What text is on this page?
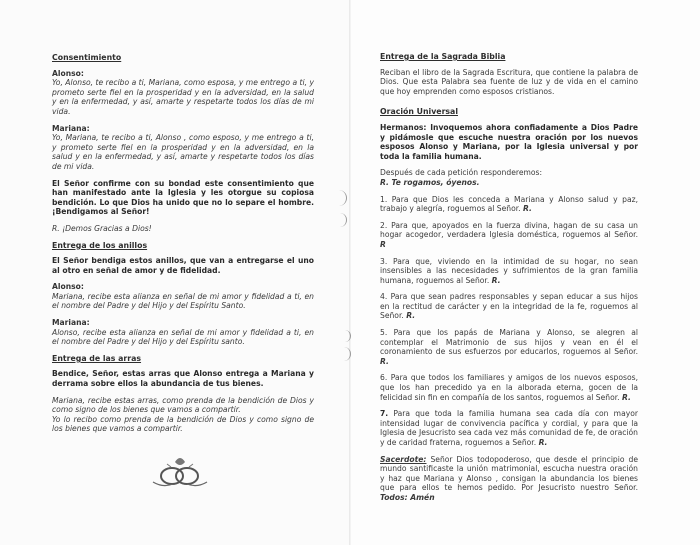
Consentimiento

Alonso:
Yo, Alonso, te recibo a ti, Mariana, como esposa, y me entrego a ti, y prometo serte fiel en la prosperidad y en la adversidad, en la salud y en la enfermedad, y así, amarte y respetarte todos los días de mi vida.

Mariana:
Yo, Mariana, te recibo a ti, Alonso , como esposo, y me entrego a ti, y prometo serte fiel en la prosperidad y en la adversidad, en la salud y en la enfermedad, y así, amarte y respetarte todos los días de mi vida.

El Señor confirme con su bondad este consentimiento que han manifestado ante la Iglesia y les otorgue su copiosa bendición. Lo que Dios ha unido que no lo separe el hombre. ¡Bendigamos al Señor!

R. ¡Demos Gracias a Dios!

Entrega de los anillos

El Señor bendiga estos anillos, que van a entregarse el uno al otro en señal de amor y de fidelidad.

Alonso:
Mariana, recibe esta alianza en señal de mi amor y fidelidad a ti, en el nombre del Padre y del Hijo y del Espíritu Santo.

Mariana:
Alonso, recibe esta alianza en señal de mi amor y fidelidad a ti, en el nombre del Padre y del Hijo y del Espíritu santo.

Entrega de las arras

Bendice, Señor, estas arras que Alonso entrega a Mariana y derrama sobre ellos la abundancia de tus bienes.

Mariana, recibe estas arras, como prenda de la bendición de Dios y como signo de los bienes que vamos a compartir.
Yo lo recibo como prenda de la bendición de Dios y como signo de los bienes que vamos a compartir.

Entrega de la Sagrada Biblia

Reciban el libro de la Sagrada Escritura, que contiene la palabra de Dios. Que esta Palabra sea fuente de luz y de vida en el camino que hoy emprenden como esposos cristianos.

Oración Universal

Hermanos: Invoquemos ahora confiadamente a Dios Padre y pidámosle que escuche nuestra oración por los nuevos esposos Alonso y Mariana, por la Iglesia universal y por toda la familia humana.

Después de cada petición responderemos:
R. Te rogamos, óyenos.

1. Para que Dios les conceda a Mariana y Alonso salud y paz, trabajo y alegría, roguemos al Señor. R.

2. Para que, apoyados en la fuerza divina, hagan de su casa un hogar acogedor, verdadera Iglesia doméstica, roguemos al Señor. R

3. Para que, viviendo en la intimidad de su hogar, no sean insensibles a las necesidades y sufrimientos de la gran familia humana, roguemos al Señor. R.

4. Para que sean padres responsables y sepan educar a sus hijos en la rectitud de carácter y en la integridad de la fe, roguemos al Señor. R.

5. Para que los papás de Mariana y Alonso, se alegren al contemplar el Matrimonio de sus hijos y vean en él el coronamiento de sus esfuerzos por educarlos, roguemos al Señor. R.

6. Para que todos los familiares y amigos de los nuevos esposos, que los han precedido ya en la alborada eterna, gocen de la felicidad sin fin en compañía de los santos, roguemos al Señor. R.

7. Para que toda la familia humana sea cada día con mayor intensidad lugar de convivencia pacífica y cordial, y para que la Iglesia de Jesucristo sea cada vez más comunidad de fe, de oración y de caridad fraterna, roguemos a Señor. R.

Sacerdote: Señor Dios todopoderoso, que desde el principio de mundo santificaste la unión matrimonial, escucha nuestra oración y haz que Mariana y Alonso , consigan la abundancia los bienes que para ellos te hemos pedido. Por Jesucristo nuestro Señor. Todos: Amén
